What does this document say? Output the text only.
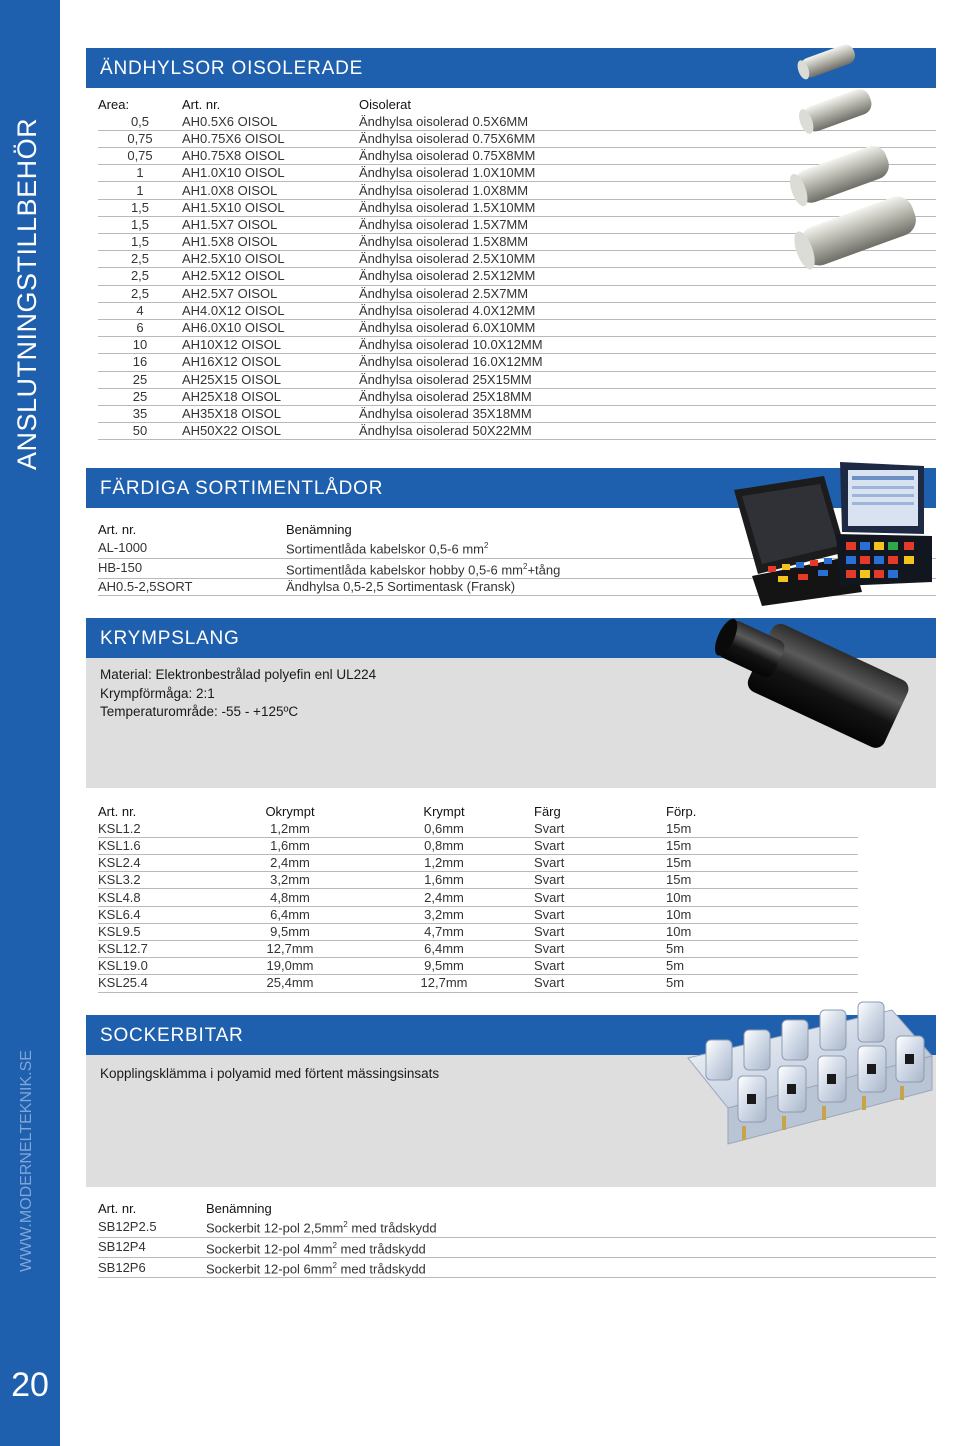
ANSLUTNINGSTILLBEHÖR
WWW.MODERNELTEKNIK.SE
20
ÄNDHYLSOR OISOLERADE
Area:	Art. nr.	Oisolerat
0,5	AH0.5X6 OISOL	Ändhylsa oisolerad 0.5X6MM
0,75	AH0.75X6 OISOL	Ändhylsa oisolerad 0.75X6MM
0,75	AH0.75X8 OISOL	Ändhylsa oisolerad 0.75X8MM
1	AH1.0X10 OISOL	Ändhylsa oisolerad 1.0X10MM
1	AH1.0X8 OISOL	Ändhylsa oisolerad 1.0X8MM
1,5	AH1.5X10 OISOL	Ändhylsa oisolerad 1.5X10MM
1,5	AH1.5X7 OISOL	Ändhylsa oisolerad 1.5X7MM
1,5	AH1.5X8 OISOL	Ändhylsa oisolerad 1.5X8MM
2,5	AH2.5X10 OISOL	Ändhylsa oisolerad 2.5X10MM
2,5	AH2.5X12 OISOL	Ändhylsa oisolerad 2.5X12MM
2,5	AH2.5X7 OISOL	Ändhylsa oisolerad 2.5X7MM
4	AH4.0X12 OISOL	Ändhylsa oisolerad 4.0X12MM
6	AH6.0X10 OISOL	Ändhylsa oisolerad 6.0X10MM
10	AH10X12 OISOL	Ändhylsa oisolerad 10.0X12MM
16	AH16X12 OISOL	Ändhylsa oisolerad 16.0X12MM
25	AH25X15 OISOL	Ändhylsa oisolerad 25X15MM
25	AH25X18 OISOL	Ändhylsa oisolerad 25X18MM
35	AH35X18 OISOL	Ändhylsa oisolerad 35X18MM
50	AH50X22 OISOL	Ändhylsa oisolerad 50X22MM
FÄRDIGA SORTIMENTLÅDOR
Art. nr.	Benämning
AL-1000	Sortimentlåda kabelskor 0,5-6 $mm^2$
HB-150	Sortimentlåda kabelskor hobby 0,5-6 $mm^2+tång$
AH0.5-2,5SORT	Ändhylsa 0,5-2,5 Sortimentask (Fransk)
KRYMPSLANG
Material: Elektronbestrålad polyefin enl UL224
Krympförmåga: 2:1
Temperaturområde: -55 - +125ºC
Art. nr.	Okrympt	Krympt	Färg	Förp.
KSL1.2	1,2mm	0,6mm	Svart	15m
KSL1.6	1,6mm	0,8mm	Svart	15m
KSL2.4	2,4mm	1,2mm	Svart	15m
KSL3.2	3,2mm	1,6mm	Svart	15m
KSL4.8	4,8mm	2,4mm	Svart	10m
KSL6.4	6,4mm	3,2mm	Svart	10m
KSL9.5	9,5mm	4,7mm	Svart	10m
KSL12.7	12,7mm	6,4mm	Svart	5m
KSL19.0	19,0mm	9,5mm	Svart	5m
KSL25.4	25,4mm	12,7mm	Svart	5m
SOCKERBITAR
Kopplingsklämma i polyamid med förtent mässingsinsats
Art. nr.	Benämning
SB12P2.5	Sockerbit 12-pol $2,5mm^2$ med trådskydd
SB12P4	Sockerbit 12-pol $4mm^2$ med trådskydd
SB12P6	Sockerbit 12-pol $6mm^2$ med trådskydd
